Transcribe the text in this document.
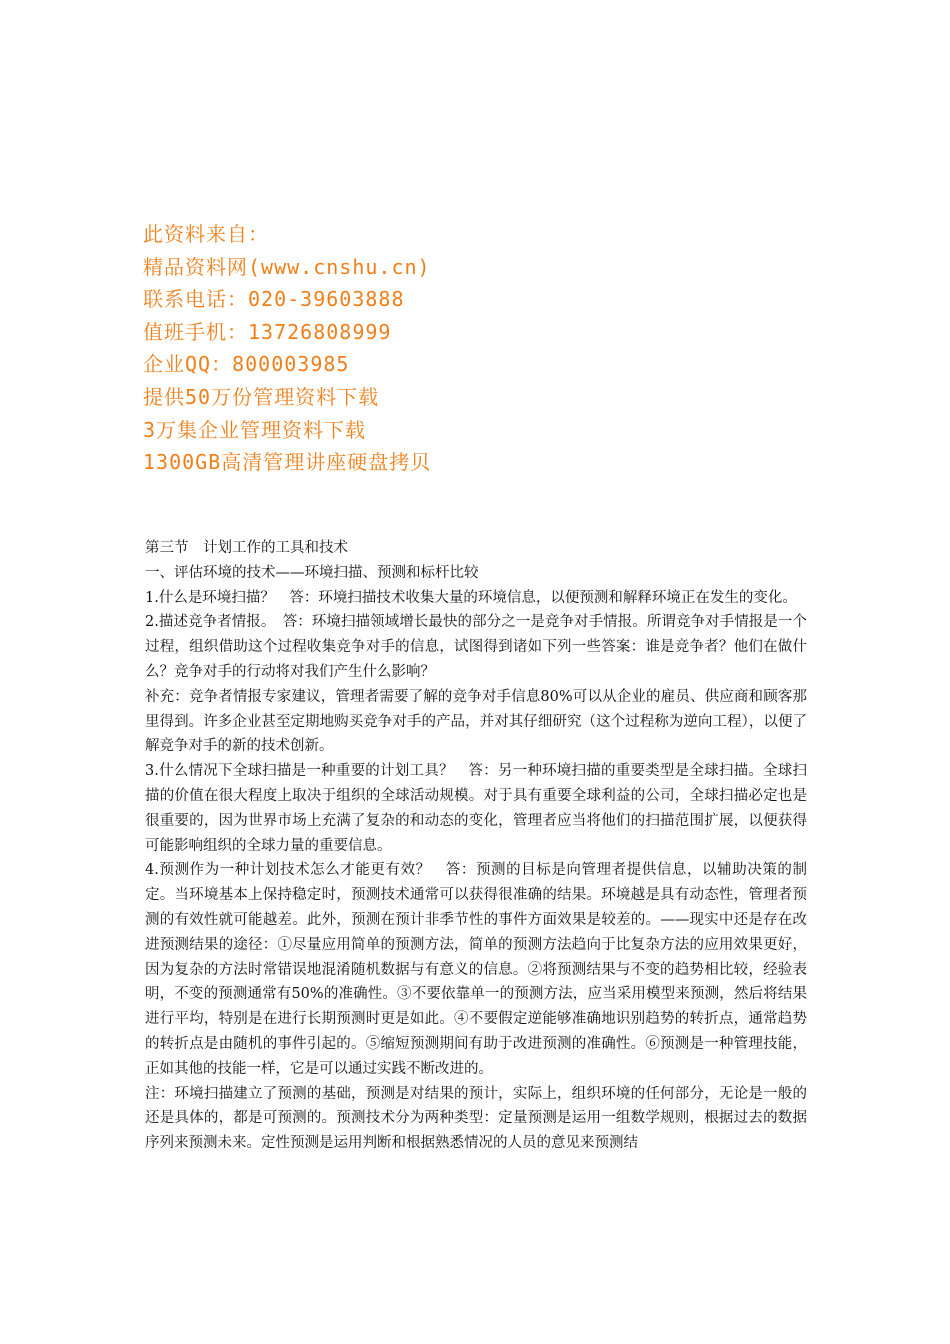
此资料来自：
精品资料网(www.cnshu.cn)
联系电话：020-39603888
值班手机：13726808999
企业QQ：800003985
提供50万份管理资料下载
3万集企业管理资料下载
1300GB高清管理讲座硬盘拷贝
第三节　计划工作的工具和技术
一、评估环境的技术——环境扫描、预测和标杆比较

1.什么是环境扫描？　答：环境扫描技术收集大量的环境信息，以便预测和解释环境正在发生的变化。

2.描述竞争者情报。　答：环境扫描领域增长最快的部分之一是竞争对手情报。所谓竞争对手情报是一个过程，组织借助这个过程收集竞争对手的信息，试图得到诸如下列一些答案：谁是竞争者？他们在做什么？竞争对手的行动将对我们产生什么影响？

补充：竞争者情报专家建议，管理者需要了解的竞争对手信息80%可以从企业的雇员、供应商和顾客那里得到。许多企业甚至定期地购买竞争对手的产品，并对其仔细研究（这个过程称为逆向工程），以便了解竞争对手的新的技术创新。

3.什么情况下全球扫描是一种重要的计划工具？　答：另一种环境扫描的重要类型是全球扫描。全球扫描的价值在很大程度上取决于组织的全球活动规模。对于具有重要全球利益的公司，全球扫描必定也是很重要的，因为世界市场上充满了复杂的和动态的变化，管理者应当将他们的扫描范围扩展，以便获得可能影响组织的全球力量的重要信息。

4.预测作为一种计划技术怎么才能更有效？　答：预测的目标是向管理者提供信息，以辅助决策的制定。当环境基本上保持稳定时，预测技术通常可以获得很准确的结果。环境越是具有动态性，管理者预测的有效性就可能越差。此外，预测在预计非季节性的事件方面效果是较差的。——现实中还是存在改进预测结果的途径：①尽量应用简单的预测方法，简单的预测方法趋向于比复杂方法的应用效果更好，因为复杂的方法时常错误地混淆随机数据与有意义的信息。②将预测结果与不变的趋势相比较，经验表明，不变的预测通常有50%的准确性。③不要依靠单一的预测方法，应当采用模型来预测，然后将结果进行平均，特别是在进行长期预测时更是如此。④不要假定逆能够准确地识别趋势的转折点，通常趋势的转折点是由随机的事件引起的。⑤缩短预测期间有助于改进预测的准确性。⑥预测是一种管理技能，正如其他的技能一样，它是可以通过实践不断改进的。

注：环境扫描建立了预测的基础，预测是对结果的预计，实际上，组织环境的任何部分，无论是一般的还是具体的，都是可预测的。预测技术分为两种类型：定量预测是运用一组数学规则，根据过去的数据序列来预测未来。定性预测是运用判断和根据熟悉情况的人员的意见来预测结
